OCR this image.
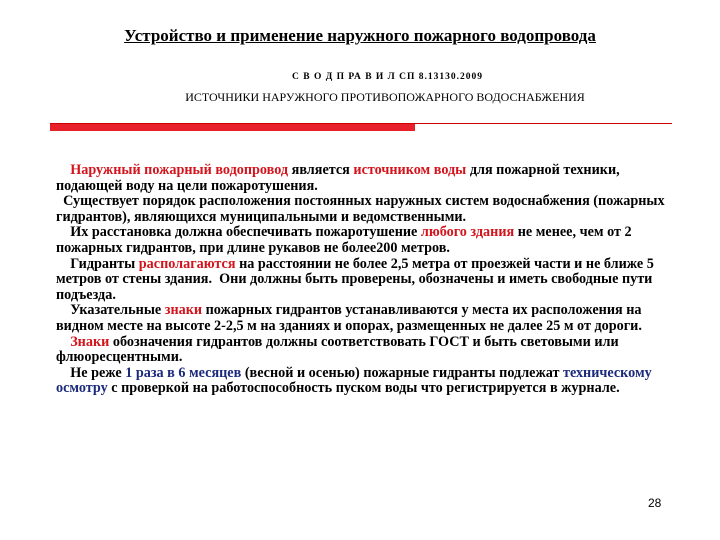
Устройство и применение наружного пожарного водопровода
С В О Д П РА В И Л СП 8.13130.2009
ИСТОЧНИКИ НАРУЖНОГО ПРОТИВОПОЖАРНОГО ВОДОСНАБЖЕНИЯ

Наружный пожарный водопровод является источником воды для пожарной техники, подающей воду на цели пожаротушения.

Существует порядок расположения постоянных наружных систем водоснабжения (пожарных гидрантов), являющихся муниципальными и ведомственными.

Их расстановка должна обеспечивать пожаротушение любого здания не менее, чем от 2 пожарных гидрантов, при длине рукавов не более200 метров.

Гидранты располагаются на расстоянии не более 2,5 метра от проезжей части и не ближе 5  метров от стены здания.  Они должны быть проверены, обозначены и иметь свободные пути подъезда.

Указательные знаки пожарных гидрантов устанавливаются у места их расположения на видном месте на высоте 2-2,5 м на зданиях и опорах, размещенных не далее 25 м от дороги.

Знаки обозначения гидрантов должны соответствовать ГОСТ и быть световыми или флюоресцентными.

Не реже 1 раза в 6 месяцев (весной и осенью) пожарные гидранты подлежат техническому осмотру с проверкой на работоспособность пуском воды что регистрируется в журнале.

28
